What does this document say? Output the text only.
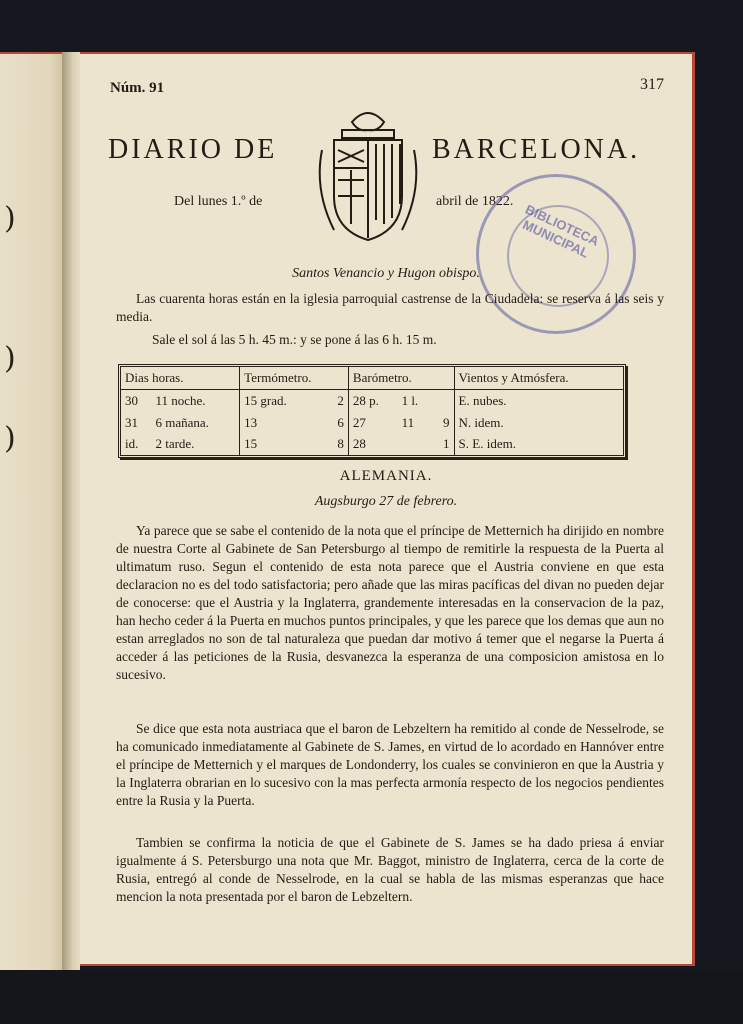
)
)
)
Núm. 91	317
DIARIO DE	BARCELONA.
Del lunes 1.º de	abril de 1822.
BIBLIOTECA MUNICIPAL
Santos Venancio y Hugon obispo.
Las cuarenta horas están en la iglesia parroquial castrense de la Ciudadela: se reserva á las seis y media.
Sale el sol á las 5 h. 45 m.: y se pone á las 6 h. 15 m.
Dias horas.		Termómetro.		Barómetro.			Vientos y Atmósfera.
30	11 noche.	15 grad.	2	28 p.	1 l.		E. nubes.
31	6 mañana.	13	6	27	11	9	N. idem.
id.	2 tarde.	15	8	28		1	S. E. idem.
ALEMANIA.
Augsburgo 27 de febrero.
Ya parece que se sabe el contenido de la nota que el príncipe de Metternich ha dirijido en nombre de nuestra Corte al Gabinete de San Petersburgo al tiempo de remitirle la respuesta de la Puerta al ultimatum ruso. Segun el contenido de esta nota parece que el Austria conviene en que esta declaracion no es del todo satisfactoria; pero añade que las miras pacíficas del divan no pueden dejar de conocerse: que el Austria y la Inglaterra, grandemente interesadas en la conservacion de la paz, han hecho ceder á la Puerta en muchos puntos principales, y que les parece que los demas que aun no estan arreglados no son de tal naturaleza que puedan dar motivo á temer que el negarse la Puerta á acceder á las peticiones de la Rusia, desvanezca la esperanza de una composicion amistosa en lo sucesivo.
Se dice que esta nota austriaca que el baron de Lebzeltern ha remitido al conde de Nesselrode, se ha comunicado inmediatamente al Gabinete de S. James, en virtud de lo acordado en Hannóver entre el príncipe de Metternich y el marques de Londonderry, los cuales se convinieron en que la Austria y la Inglaterra obrarian en lo sucesivo con la mas perfecta armonía respecto de los negocios pendientes entre la Rusia y la Puerta.
Tambien se confirma la noticia de que el Gabinete de S. James se ha dado priesa á enviar igualmente á S. Petersburgo una nota que Mr. Baggot, ministro de Inglaterra, cerca de la corte de Rusia, entregó al conde de Nesselrode, en la cual se habla de las mismas esperanzas que hace mencion la nota presentada por el baron de Lebzeltern.
